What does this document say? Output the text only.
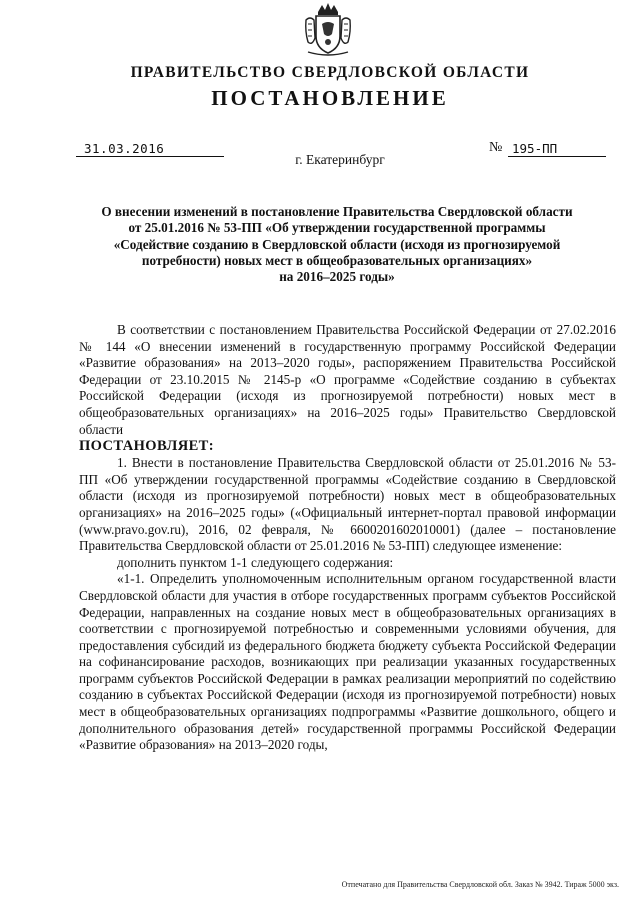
ПРАВИТЕЛЬСТВО СВЕРДЛОВСКОЙ ОБЛАСТИ
ПОСТАНОВЛЕНИЕ
31.03.2016	№ 195-ПП
г. Екатеринбург
О внесении изменений в постановление Правительства Свердловской области
от 25.01.2016 № 53-ПП «Об утверждении государственной программы
«Содействие созданию в Свердловской области (исходя из прогнозируемой
потребности) новых мест в общеобразовательных организациях»
на 2016–2025 годы»

В соответствии с постановлением Правительства Российской Федерации от 27.02.2016 № 144 «О внесении изменений в государственную программу Российской Федерации «Развитие образования» на 2013–2020 годы», распоряжением Правительства Российской Федерации от 23.10.2015 № 2145-р «О программе «Содействие созданию в субъектах Российской Федерации (исходя из прогнозируемой потребности) новых мест в общеобразовательных организациях» на 2016–2025 годы» Правительство Свердловской области

ПОСТАНОВЛЯЕТ:

1. Внести в постановление Правительства Свердловской области от 25.01.2016 № 53-ПП «Об утверждении государственной программы «Содействие созданию в Свердловской области (исходя из прогнозируемой потребности) новых мест в общеобразовательных организациях» на 2016–2025 годы» («Официальный интернет-портал правовой информации (www.pravo.gov.ru), 2016, 02 февраля, № 6600201602010001) (далее – постановление Правительства Свердловской области от 25.01.2016 № 53-ПП) следующее изменение:

дополнить пунктом 1-1 следующего содержания:

«1-1. Определить уполномоченным исполнительным органом государственной власти Свердловской области для участия в отборе государственных программ субъектов Российской Федерации, направленных на создание новых мест в общеобразовательных организациях в соответствии с прогнозируемой потребностью и современными условиями обучения, для предоставления субсидий из федерального бюджета бюджету субъекта Российской Федерации на софинансирование расходов, возникающих при реализации указанных государственных программ субъектов Российской Федерации в рамках реализации мероприятий по содействию созданию в субъектах Российской Федерации (исходя из прогнозируемой потребности) новых мест в общеобразовательных организациях подпрограммы «Развитие дошкольного, общего и дополнительного образования детей» государственной программы Российской Федерации «Развитие образования» на 2013–2020 годы,

Отпечатано для Правительства Свердловской обл. Заказ № 3942. Тираж 5000 экз.
